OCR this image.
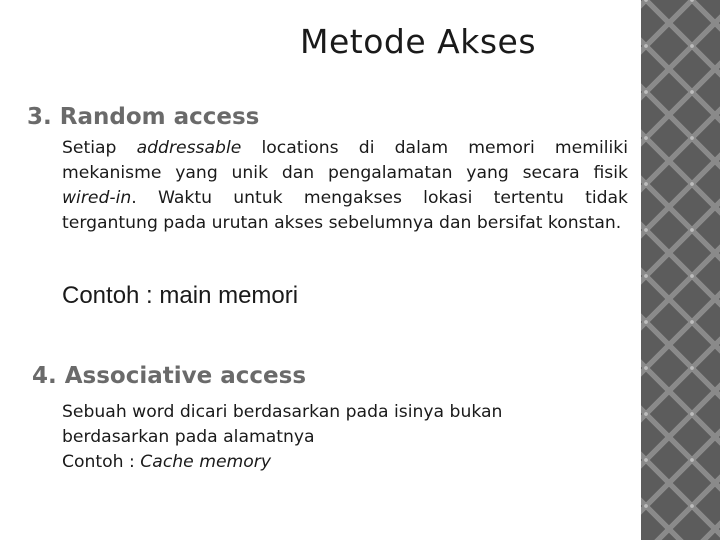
Metode Akses
3. Random access

Setiap addressable locations di dalam memori memiliki mekanisme yang unik dan pengalamatan yang secara fisik wired-in. Waktu untuk mengakses lokasi tertentu tidak tergantung pada urutan akses sebelumnya dan bersifat konstan.

Contoh : main memori

4. Associative access

Sebuah word dicari berdasarkan pada isinya bukan
berdasarkan pada alamatnya
Contoh : Cache memory
